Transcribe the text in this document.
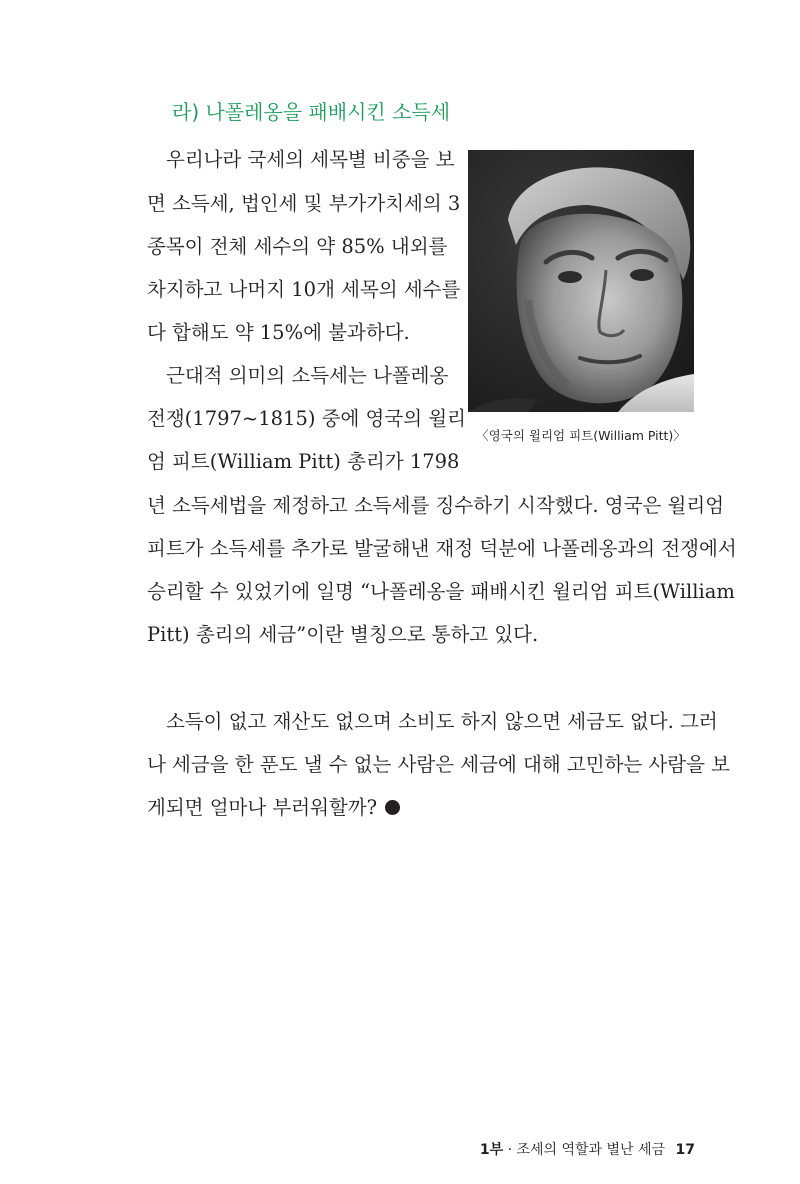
라) 나폴레옹을 패배시킨 소득세
우리나라 국세의 세목별 비중을 보
면 소득세, 법인세 및 부가가치세의 3
종목이 전체 세수의 약 85% 내외를
차지하고 나머지 10개 세목의 세수를
다 합해도 약 15%에 불과하다.
근대적 의미의 소득세는 나폴레옹
전쟁(1797~1815) 중에 영국의 윌리
엄 피트(William Pitt) 총리가 1798
년 소득세법을 제정하고 소득세를 징수하기 시작했다. 영국은 윌리엄
피트가 소득세를 추가로 발굴해낸 재정 덕분에 나폴레옹과의 전쟁에서
승리할 수 있었기에 일명 “나폴레옹을 패배시킨 윌리엄 피트(William
Pitt) 총리의 세금”이란 별칭으로 통하고 있다.
소득이 없고 재산도 없으며 소비도 하지 않으면 세금도 없다. 그러
나 세금을 한 푼도 낼 수 없는 사람은 세금에 대해 고민하는 사람을 보
게되면 얼마나 부러워할까?
〈영국의 윌리엄 피트(William Pitt)〉
1부 · 조세의 역할과 별난 세금 17
